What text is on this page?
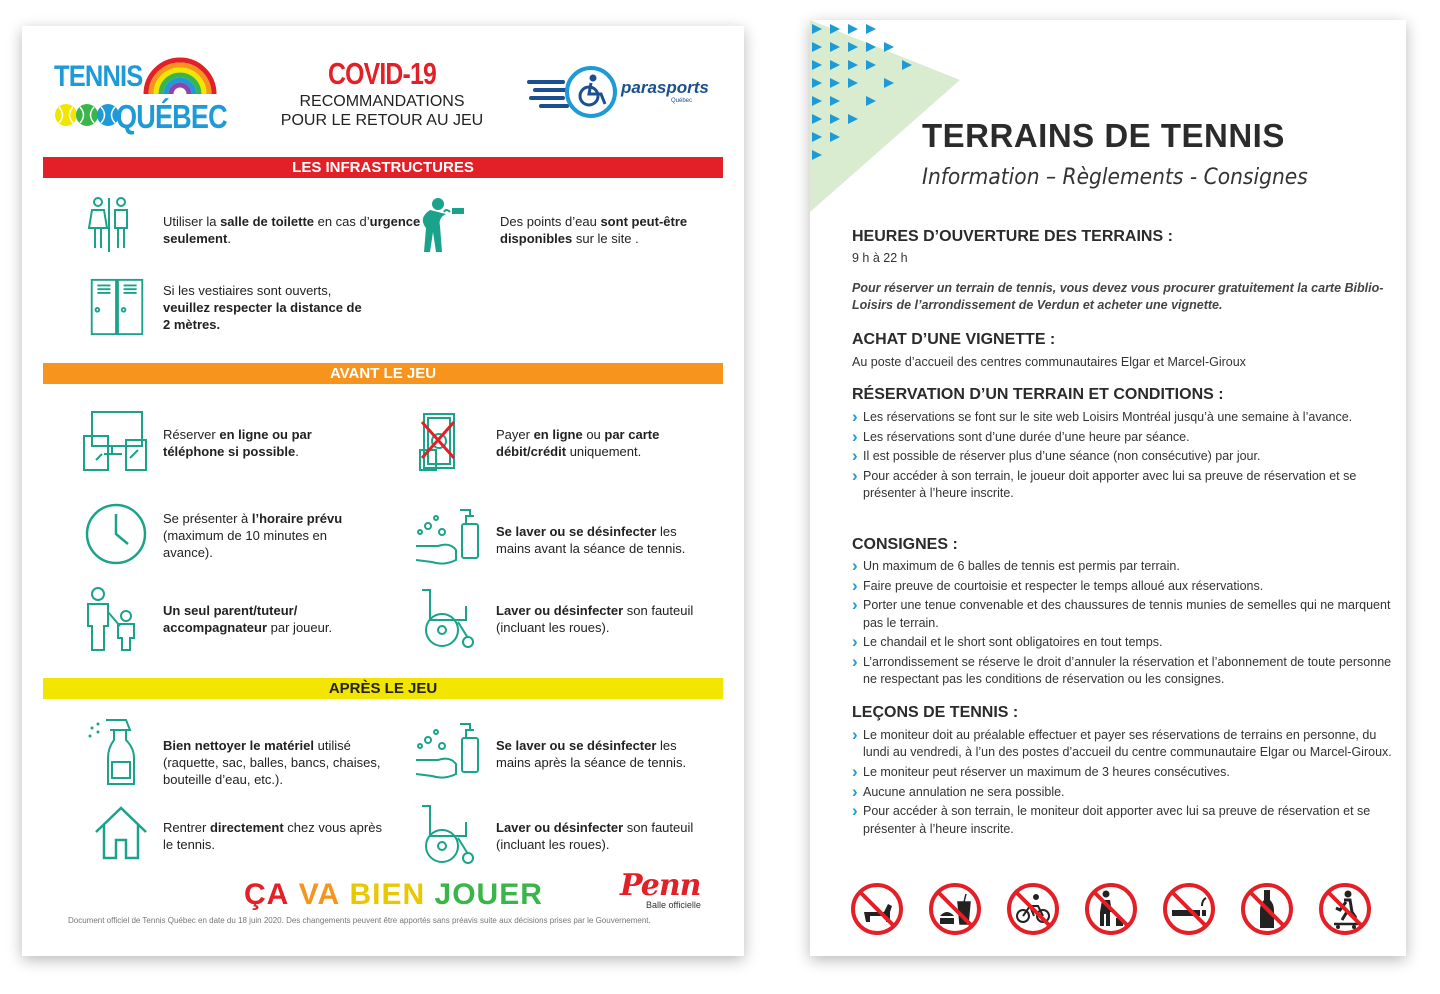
TENNIS
QUÉBEC
COVID-19
RECOMMANDATIONS
POUR LE RETOUR AU JEU
parasports
Québec
LES INFRASTRUCTURES
Utiliser la salle de toilette en cas d’urgence seulement.
Des points d’eau sont peut-être disponibles sur le site .
Si les vestiaires sont ouverts, veuillez respecter la distance de 2 mètres.
AVANT LE JEU
Réserver en ligne ou par téléphone si possible.
Payer en ligne ou par carte débit/crédit uniquement.
Se présenter à l’horaire prévu (maximum de 10 minutes en avance).
Se laver ou se désinfecter les mains avant la séance de tennis.
Un seul parent/tuteur/ accompagnateur par joueur.
Laver ou désinfecter son fauteuil (incluant les roues).
APRÈS LE JEU
Bien nettoyer le matériel utilisé (raquette, sac, balles, bancs, chaises, bouteille d’eau, etc.).
Se laver ou se désinfecter les mains après la séance de tennis.
Rentrer directement chez vous après le tennis.
Laver ou désinfecter son fauteuil (incluant les roues).
ÇA VA BIEN JOUER	Penn
Balle officielle
Document officiel de Tennis Québec en date du 18 juin 2020. Des changements peuvent être apportés sans préavis suite aux décisions prises par le Gouvernement.
TERRAINS DE TENNIS
Information – Règlements - Consignes
HEURES D’OUVERTURE DES TERRAINS :
9 h à 22 h
Pour réserver un terrain de tennis, vous devez vous procurer gratuitement la carte Biblio-Loisirs de l’arrondissement de Verdun et acheter une vignette.
ACHAT D’UNE VIGNETTE :
Au poste d’accueil des centres communautaires Elgar et Marcel-Giroux
RÉSERVATION D’UN TERRAIN ET CONDITIONS :
› Les réservations se font sur le site web Loisirs Montréal jusqu’à une semaine à l’avance.
› Les réservations sont d’une durée d’une heure par séance.
› Il est possible de réserver plus d’une séance (non consécutive) par jour.
› Pour accéder à son terrain, le joueur doit apporter avec lui sa preuve de réservation et se présenter à l’heure inscrite.
CONSIGNES :
› Un maximum de 6 balles de tennis est permis par terrain.
› Faire preuve de courtoisie et respecter le temps alloué aux réservations.
› Porter une tenue convenable et des chaussures de tennis munies de semelles qui ne marquent pas le terrain.
› Le chandail et le short sont obligatoires en tout temps.
› L’arrondissement se réserve le droit d’annuler la réservation et l’abonnement de toute personne ne respectant pas les conditions de réservation ou les consignes.
LEÇONS DE TENNIS :
› Le moniteur doit au préalable effectuer et payer ses réservations de terrains en personne, du lundi au vendredi, à l’un des postes d’accueil du centre communautaire Elgar ou Marcel-Giroux.
› Le moniteur peut réserver un maximum de 3 heures consécutives.
› Aucune annulation ne sera possible.
› Pour accéder à son terrain, le moniteur doit apporter avec lui sa preuve de réservation et se présenter à l’heure inscrite.
